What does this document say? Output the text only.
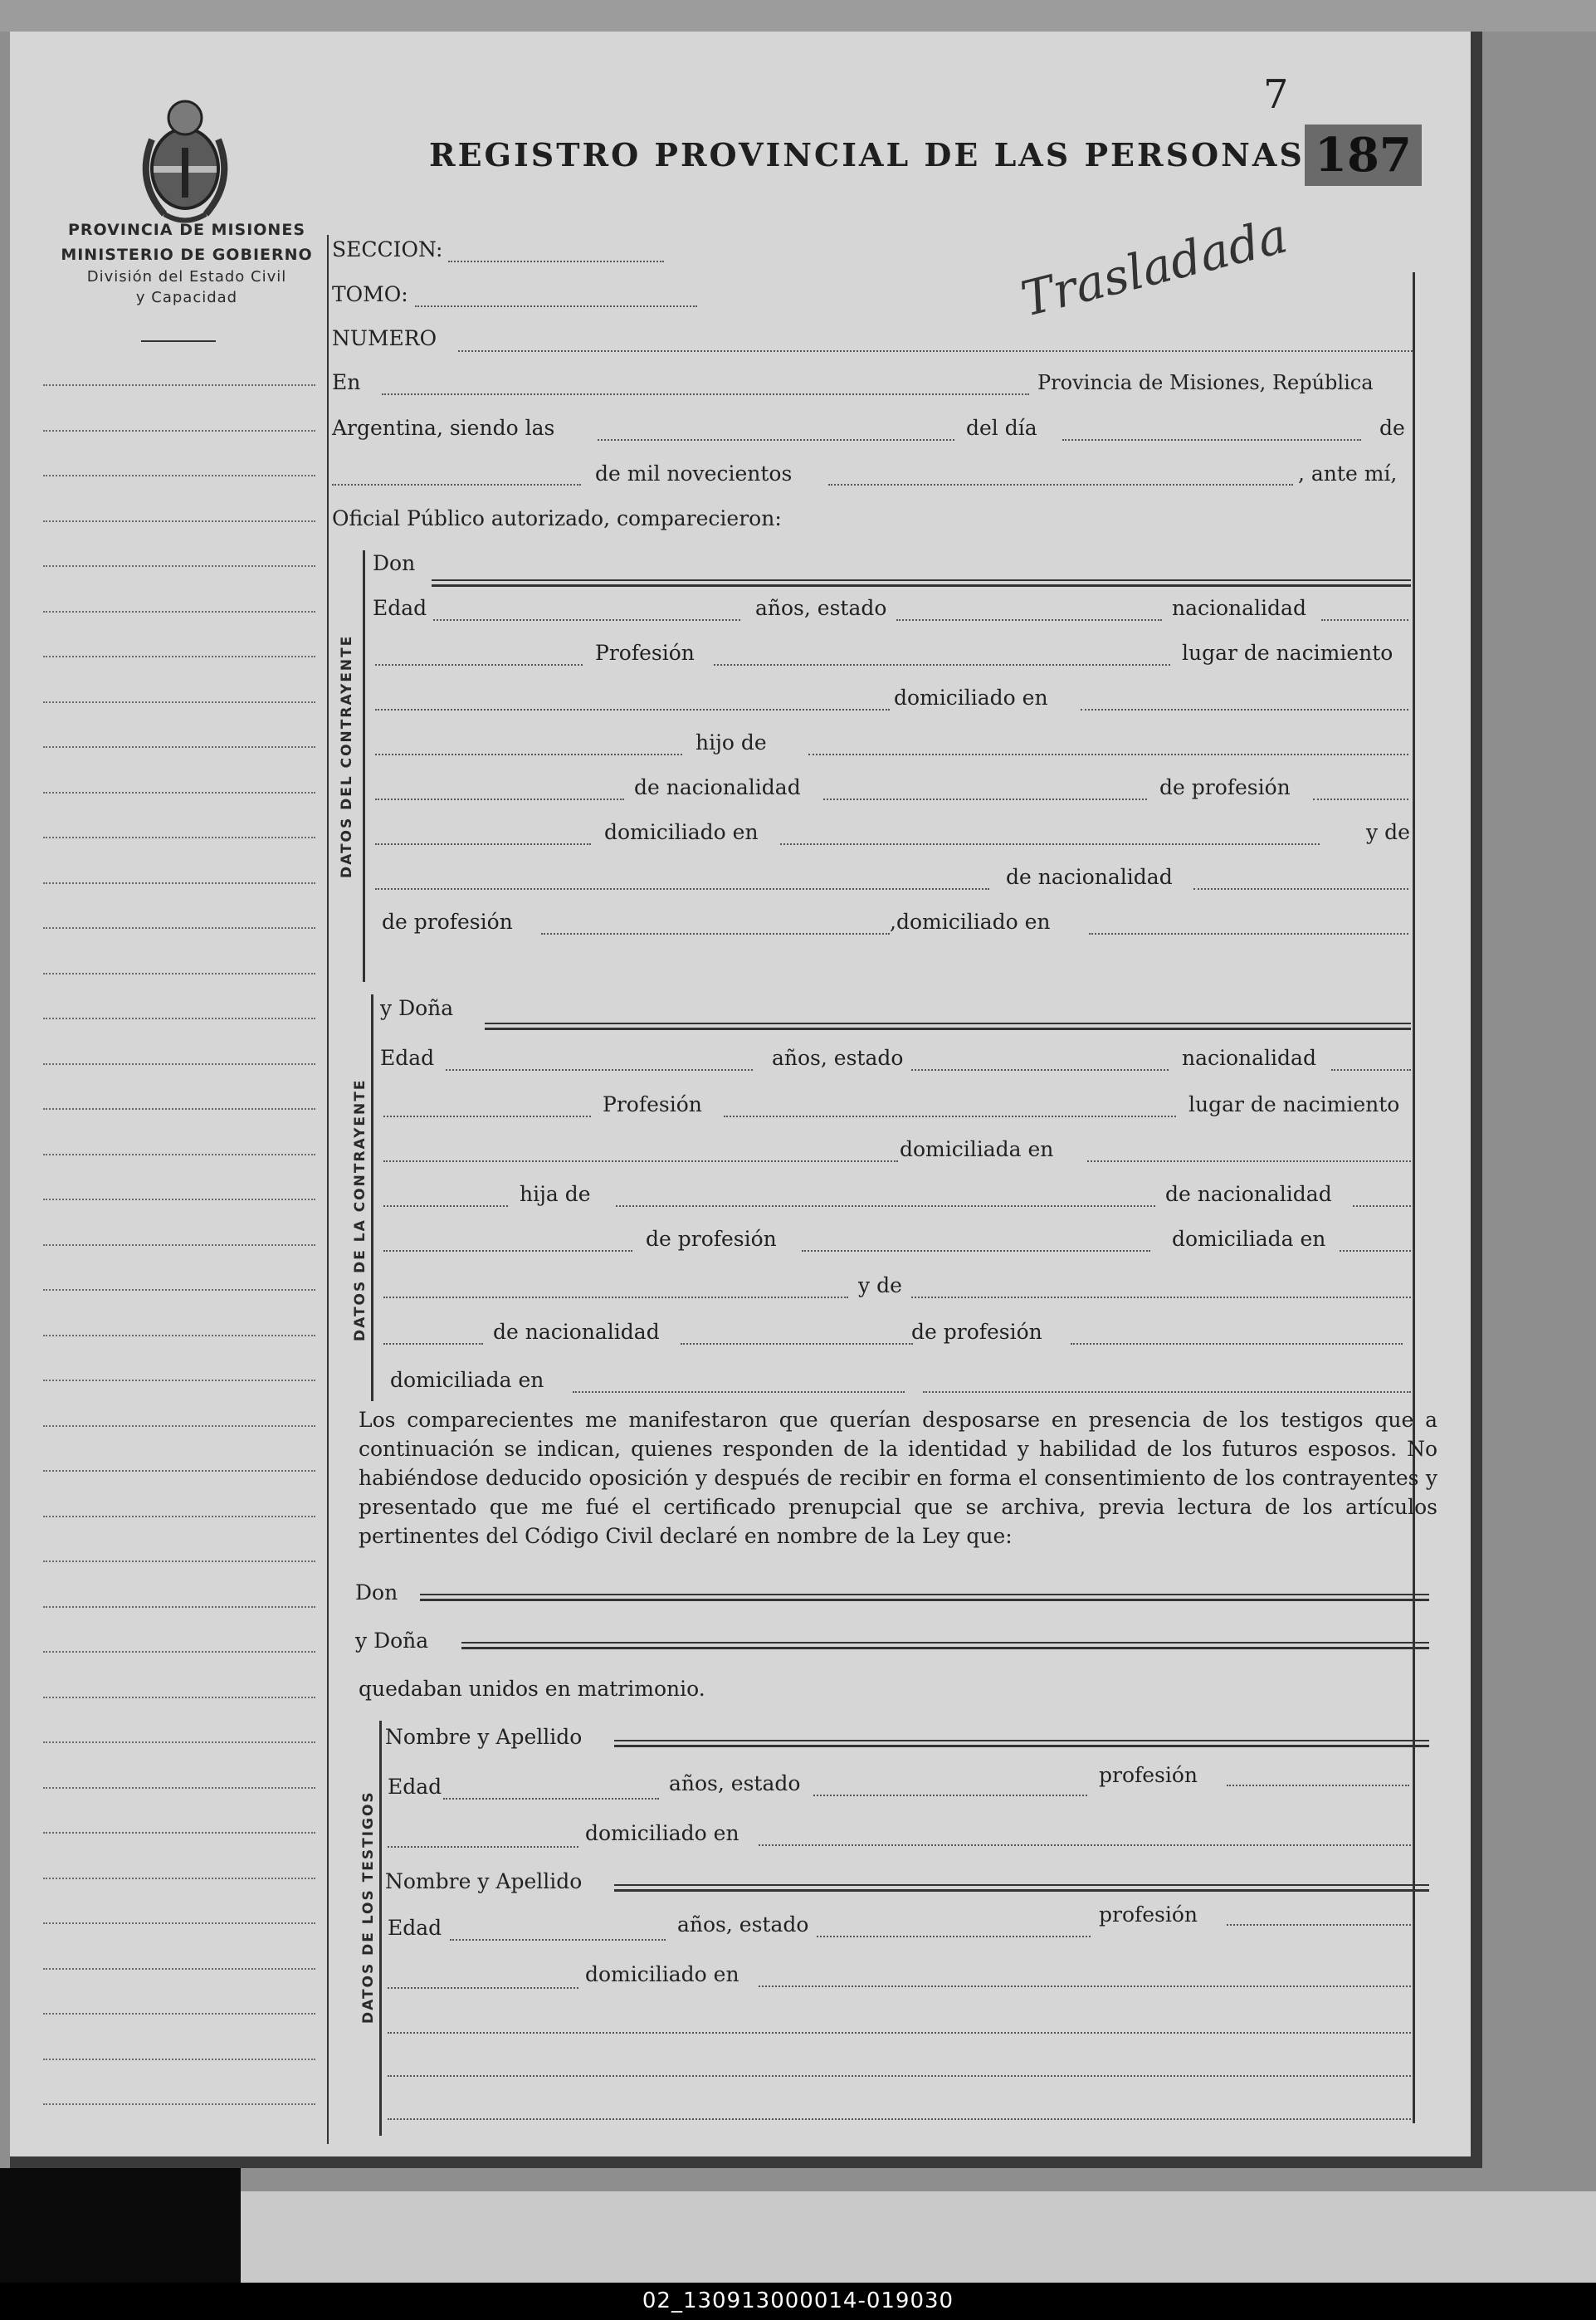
PROVINCIA DE MISIONES
MINISTERIO DE GOBIERNO
División del Estado Civil
y Capacidad
7
REGISTRO PROVINCIAL DE LAS PERSONAS 187
Trasladada
SECCION:
TOMO:
NUMERO
En	Provincia de Misiones, República
Argentina, siendo las	del día	de
de mil novecientos	, ante mí,
Oficial Público autorizado, comparecieron:
DATOS DEL CONTRAYENTE
Don
Edad	años, estado	nacionalidad
Profesión	lugar de nacimiento
domiciliado en
hijo de
de nacionalidad	de profesión
domiciliado en	y de
de nacionalidad
de profesión	,domiciliado en
DATOS DE LA CONTRAYENTE
y Doña
Edad	años, estado	nacionalidad
Profesión	lugar de nacimiento
domiciliada en
hija de	de nacionalidad
de profesión	domiciliada en
y de
de nacionalidad	de profesión
domiciliada en
Los comparecientes me manifestaron que querían desposarse en presencia de los testigos que a continuación se indican, quienes responden de la identidad y habilidad de los futuros esposos. No habiéndose deducido oposición y después de recibir en forma el consentimiento de los contrayentes y presentado que me fué el certificado prenupcial que se archiva, previa lectura de los artículos pertinentes del Código Civil declaré en nombre de la Ley que:
Don
y Doña
quedaban unidos en matrimonio.
DATOS DE LOS TESTIGOS
Nombre y Apellido
Edad	años, estado	profesión
domiciliado en
Nombre y Apellido
Edad	años, estado	profesión
domiciliado en
02_130913000014-019030
